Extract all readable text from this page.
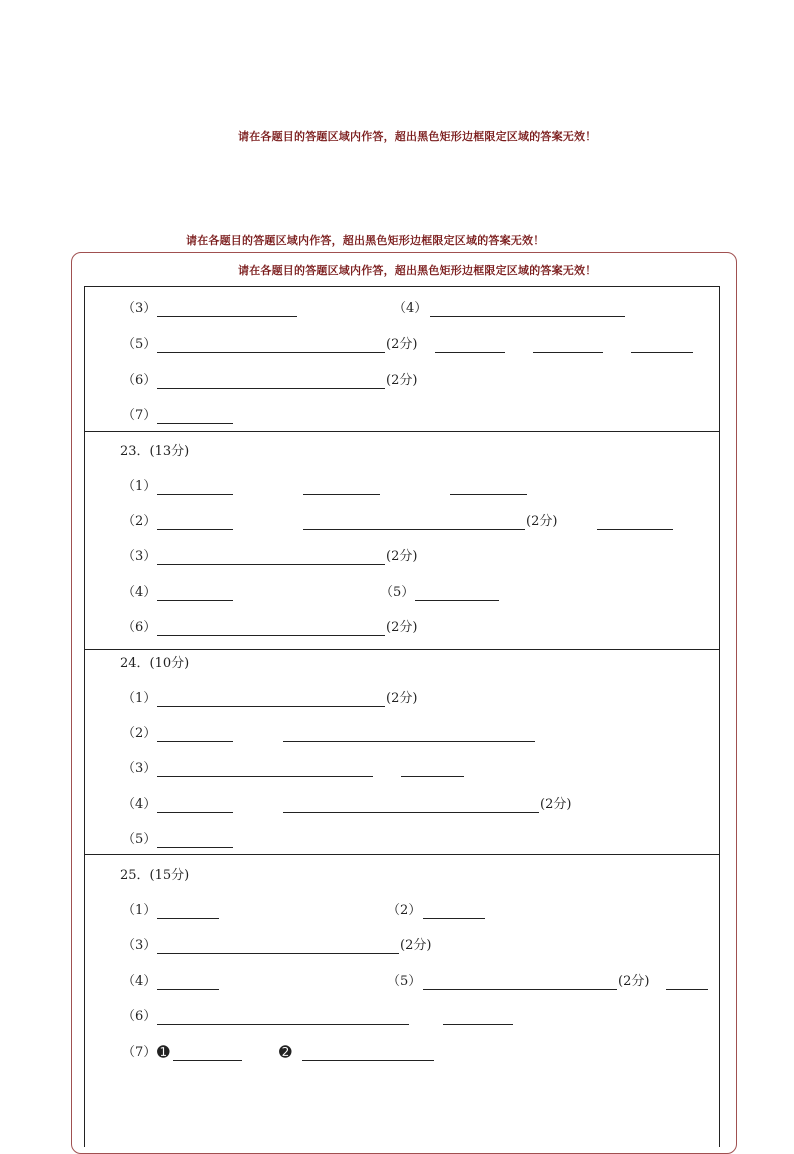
请在各题目的答题区域内作答，超出黑色矩形边框限定区域的答案无效！
请在各题目的答题区域内作答，超出黑色矩形边框限定区域的答案无效！
请在各题目的答题区域内作答，超出黑色矩形边框限定区域的答案无效！
（3）	（4）
（5）	(2分)
（6）	(2分)
（7）
23．(13分)
（1）
（2）	(2分)
（3）	(2分)
（4）	（5）
（6）	(2分)
24．(10分)
（1）	(2分)
（2）
（3）
（4）	(2分)
（5）
25．(15分)
（1）	（2）
（3）	(2分)
（4）	（5）	(2分)
（6）
（7） ➊	➋
